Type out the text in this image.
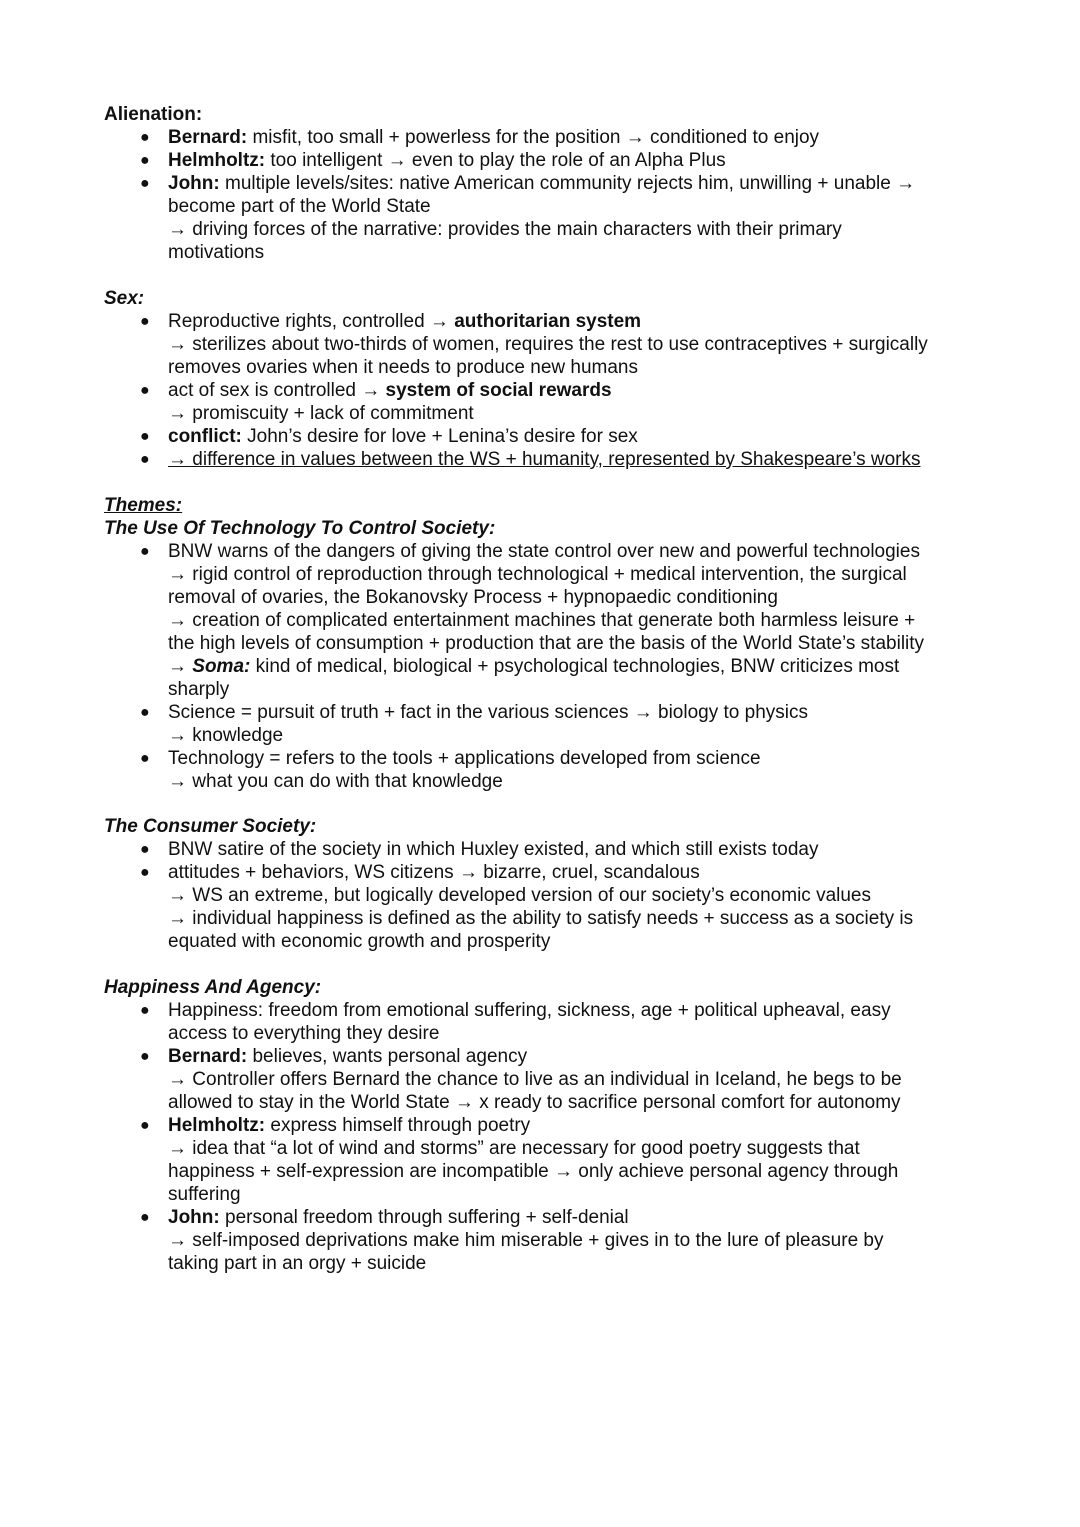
Alienation:

● Bernard: misfit, too small + powerless for the position → conditioned to enjoy
● Helmholtz: too intelligent → even to play the role of an Alpha Plus
● John: multiple levels/sites: native American community rejects him, unwilling + unable →
become part of the World State
→ driving forces of the narrative: provides the main characters with their primary
motivations

Sex:

● Reproductive rights, controlled → authoritarian system
→ sterilizes about two-thirds of women, requires the rest to use contraceptives + surgically
removes ovaries when it needs to produce new humans
● act of sex is controlled → system of social rewards
→ promiscuity + lack of commitment
● conflict: John’s desire for love + Lenina’s desire for sex
● → difference in values between the WS + humanity, represented by Shakespeare’s works

Themes:

The Use Of Technology To Control Society:

● BNW warns of the dangers of giving the state control over new and powerful technologies
→ rigid control of reproduction through technological + medical intervention, the surgical
removal of ovaries, the Bokanovsky Process + hypnopaedic conditioning
→ creation of complicated entertainment machines that generate both harmless leisure +
the high levels of consumption + production that are the basis of the World State’s stability
→ Soma: kind of medical, biological + psychological technologies, BNW criticizes most
sharply
● Science = pursuit of truth + fact in the various sciences → biology to physics
→ knowledge
● Technology = refers to the tools + applications developed from science
→ what you can do with that knowledge

The Consumer Society:

● BNW satire of the society in which Huxley existed, and which still exists today
● attitudes + behaviors, WS citizens → bizarre, cruel, scandalous
→ WS an extreme, but logically developed version of our society’s economic values
→ individual happiness is defined as the ability to satisfy needs + success as a society is
equated with economic growth and prosperity

Happiness And Agency:

● Happiness: freedom from emotional suffering, sickness, age + political upheaval, easy
access to everything they desire
● Bernard: believes, wants personal agency
→ Controller offers Bernard the chance to live as an individual in Iceland, he begs to be
allowed to stay in the World State → x ready to sacrifice personal comfort for autonomy
● Helmholtz: express himself through poetry
→ idea that “a lot of wind and storms” are necessary for good poetry suggests that
happiness + self-expression are incompatible → only achieve personal agency through
suffering
● John: personal freedom through suffering + self-denial
→ self-imposed deprivations make him miserable + gives in to the lure of pleasure by
taking part in an orgy + suicide
